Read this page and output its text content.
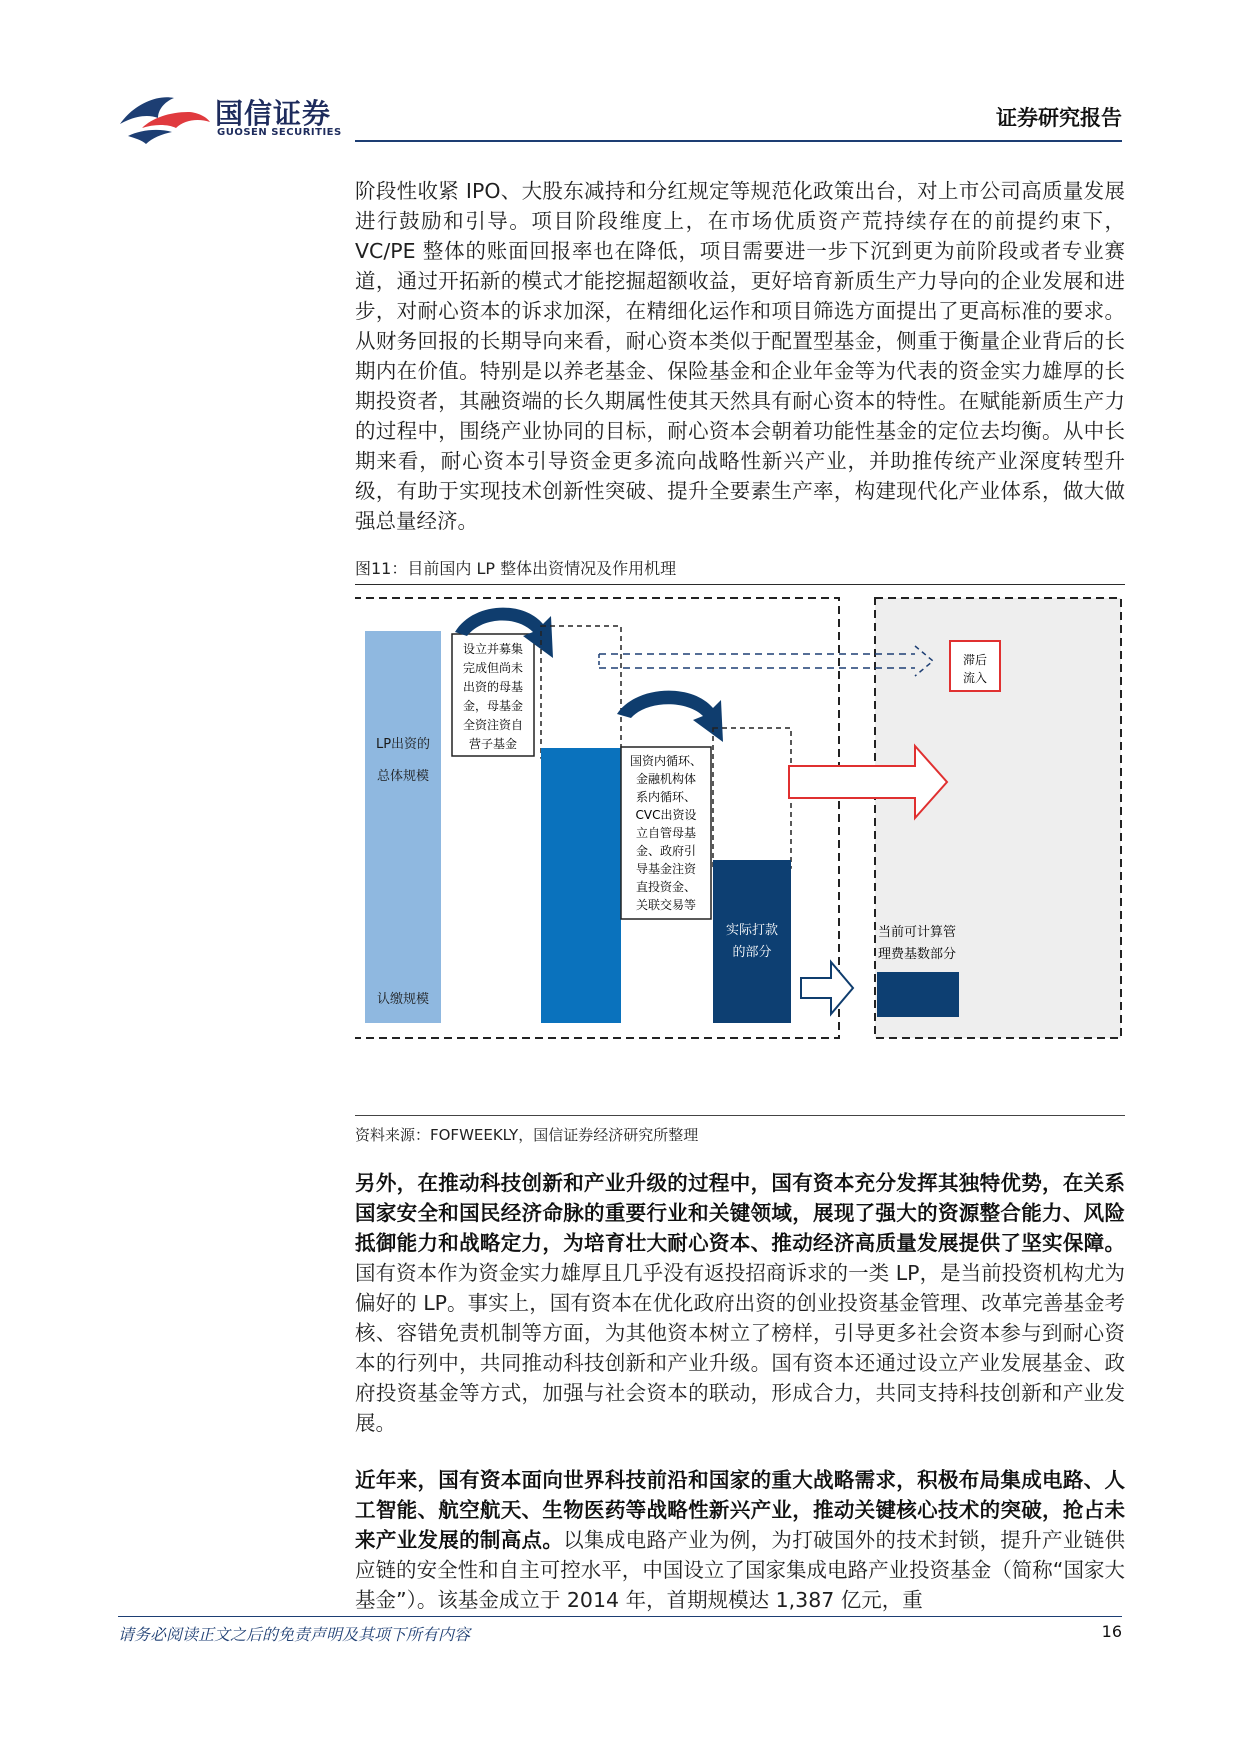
国信证券
GUOSEN SECURITIES
证券研究报告

阶段性收紧 IPO、大股东减持和分红规定等规范化政策出台，对上市公司高质量发展进行鼓励和引导。项目阶段维度上，在市场优质资产荒持续存在的前提约束下，VC/PE 整体的账面回报率也在降低，项目需要进一步下沉到更为前阶段或者专业赛道，通过开拓新的模式才能挖掘超额收益，更好培育新质生产力导向的企业发展和进步，对耐心资本的诉求加深，在精细化运作和项目筛选方面提出了更高标准的要求。从财务回报的长期导向来看，耐心资本类似于配置型基金，侧重于衡量企业背后的长期内在价值。特别是以养老基金、保险基金和企业年金等为代表的资金实力雄厚的长期投资者，其融资端的长久期属性使其天然具有耐心资本的特性。在赋能新质生产力的过程中，围绕产业协同的目标，耐心资本会朝着功能性基金的定位去均衡。从中长期来看，耐心资本引导资金更多流向战略性新兴产业，并助推传统产业深度转型升级，有助于实现技术创新性突破、提升全要素生产率，构建现代化产业体系，做大做强总量经济。

图11：目前国内 LP 整体出资情况及作用机理
LP出资的
总体规模
认缴规模
设立并募集
完成但尚未
出资的母基
金，母基金
全资注资自
营子基金
滞后
流入
国资内循环、
金融机构体
系内循环、
CVC出资设
立自管母基
金、政府引
导基金注资
直投资金、
关联交易等
实际打款
的部分
当前可计算管
理费基数部分
资料来源：FOFWEEKLY，国信证券经济研究所整理

另外，在推动科技创新和产业升级的过程中，国有资本充分发挥其独特优势，在关系国家安全和国民经济命脉的重要行业和关键领域，展现了强大的资源整合能力、风险抵御能力和战略定力，为培育壮大耐心资本、推动经济高质量发展提供了坚实保障。国有资本作为资金实力雄厚且几乎没有返投招商诉求的一类 LP，是当前投资机构尤为偏好的 LP。事实上，国有资本在优化政府出资的创业投资基金管理、改革完善基金考核、容错免责机制等方面，为其他资本树立了榜样，引导更多社会资本参与到耐心资本的行列中，共同推动科技创新和产业升级。国有资本还通过设立产业发展基金、政府投资基金等方式，加强与社会资本的联动，形成合力，共同支持科技创新和产业发展。

近年来，国有资本面向世界科技前沿和国家的重大战略需求，积极布局集成电路、人工智能、航空航天、生物医药等战略性新兴产业，推动关键核心技术的突破，抢占未来产业发展的制高点。以集成电路产业为例，为打破国外的技术封锁，提升产业链供应链的安全性和自主可控水平，中国设立了国家集成电路产业投资基金（简称“国家大基金”）。该基金成立于 2014 年，首期规模达 1,387 亿元，重

请务必阅读正文之后的免责声明及其项下所有内容	16
